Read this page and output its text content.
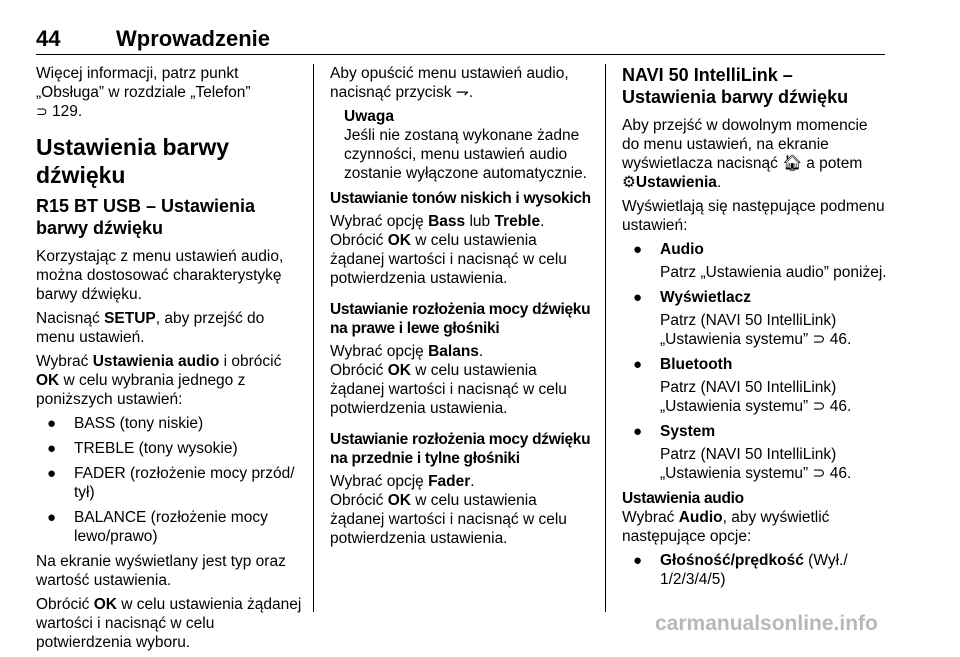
44	Wprowadzenie

Więcej informacji, patrz punkt
„Obsługa” w rozdziale „Telefon”
⊃ 129.

Ustawienia barwy dźwięku
R15 BT USB – Ustawienia barwy dźwięku

Korzystając z menu ustawień audio, można dostosować charakterystykę barwy dźwięku.

Nacisnąć SETUP, aby przejść do menu ustawień.

Wybrać Ustawienia audio i obrócić OK w celu wybrania jednego z poniższych ustawień:

● BASS (tony niskie)
● TREBLE (tony wysokie)
● FADER (rozłożenie mocy przód/ tył)
● BALANCE (rozłożenie mocy lewo/prawo)

Na ekranie wyświetlany jest typ oraz wartość ustawienia.

Obrócić OK w celu ustawienia żądanej wartości i nacisnąć w celu potwierdzenia wyboru.

Aby opuścić menu ustawień audio, nacisnąć przycisk ⇁.

Uwaga

Jeśli nie zostaną wykonane żadne czynności, menu ustawień audio zostanie wyłączone automatycznie.

Ustawianie tonów niskich i wysokich

Wybrać opcję Bass lub Treble.

Obrócić OK w celu ustawienia żądanej wartości i nacisnąć w celu potwierdzenia ustawienia.

Ustawianie rozłożenia mocy dźwięku na prawe i lewe głośniki

Wybrać opcję Balans.

Obrócić OK w celu ustawienia żądanej wartości i nacisnąć w celu potwierdzenia ustawienia.

Ustawianie rozłożenia mocy dźwięku na przednie i tylne głośniki

Wybrać opcję Fader.

Obrócić OK w celu ustawienia żądanej wartości i nacisnąć w celu potwierdzenia ustawienia.

NAVI 50 IntelliLink – Ustawienia barwy dźwięku

Aby przejść w dowolnym momencie do menu ustawień, na ekranie wyświetlacza nacisnąć 🏠︎ a potem ⚙Ustawienia.

Wyświetlają się następujące podmenu ustawień:

● Audio
Patrz „Ustawienia audio” poniżej.
● Wyświetlacz
Patrz (NAVI 50 IntelliLink) „Ustawienia systemu” ⊃ 46.
● Bluetooth
Patrz (NAVI 50 IntelliLink) „Ustawienia systemu” ⊃ 46.
● System
Patrz (NAVI 50 IntelliLink) „Ustawienia systemu” ⊃ 46.
Ustawienia audio

Wybrać Audio, aby wyświetlić następujące opcje:

● Głośność/prędkość (Wył./ 1/2/3/4/5)
carmanualsonline.info
